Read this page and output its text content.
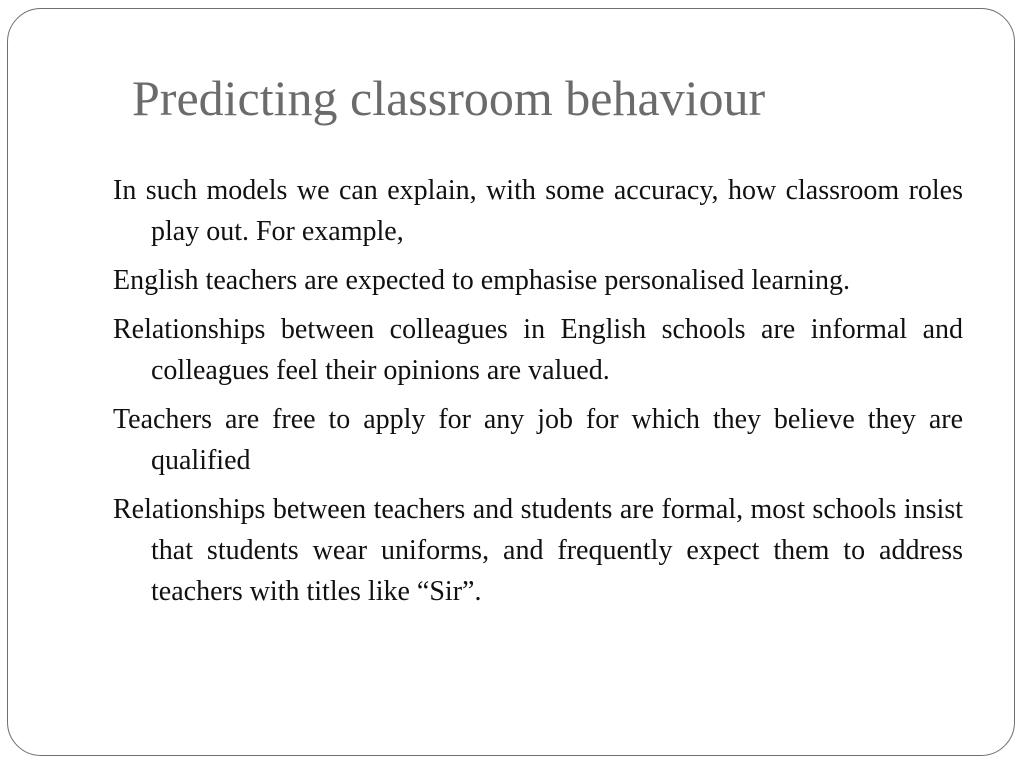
Predicting classroom behaviour
In such models we can explain, with some accuracy, how classroom roles play out. For example,
English teachers are expected to emphasise personalised learning.
Relationships between colleagues in English schools are informal and colleagues feel their opinions are valued.
Teachers are free to apply for any job for which they believe they are qualified
Relationships between teachers and students are formal, most schools insist that students wear uniforms, and frequently expect them to address teachers with titles like “Sir”.
